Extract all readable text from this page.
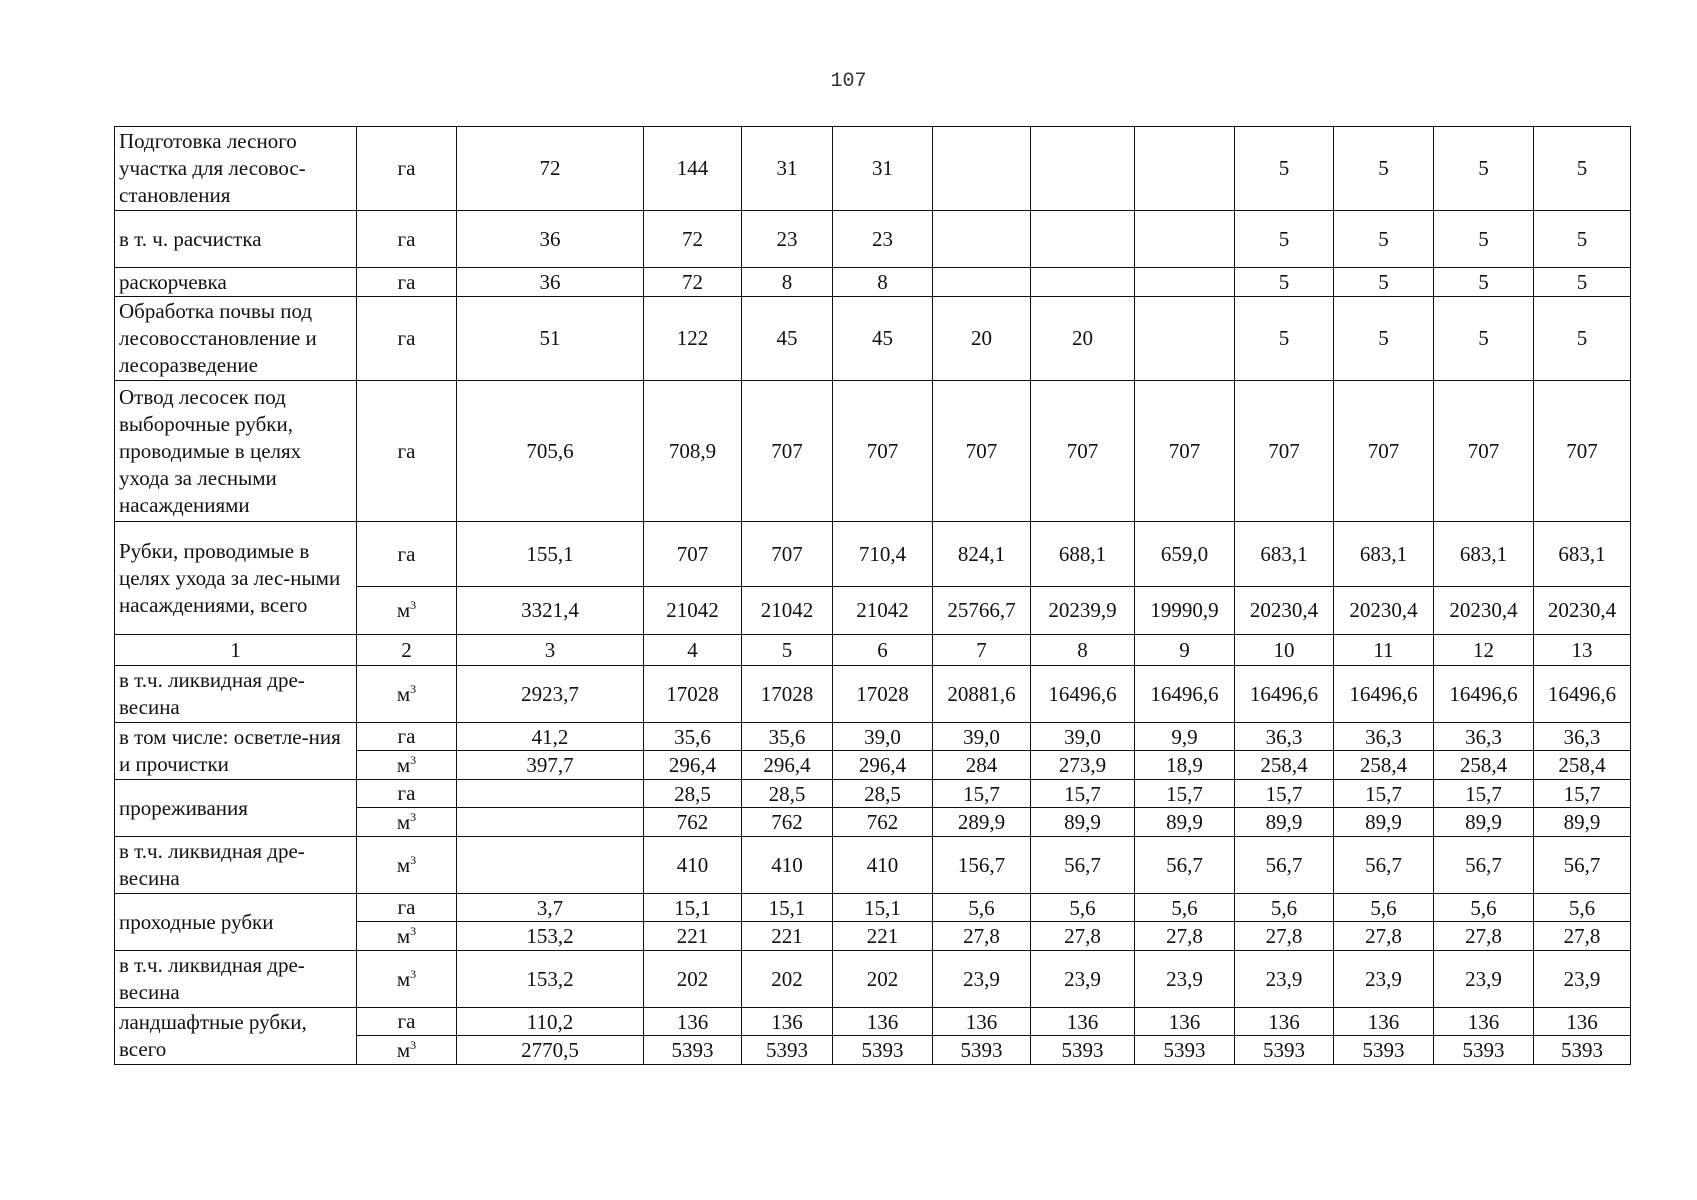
107
Подготовка лесного участка для лесовос-становления	га	72	144	31	31				5	5	5	5
в т. ч. расчистка	га	36	72	23	23				5	5	5	5
раскорчевка	га	36	72	8	8				5	5	5	5
Обработка почвы под лесовосстановление и лесоразведение	га	51	122	45	45	20	20		5	5	5	5
Отвод лесосек под выборочные рубки, проводимые в целях ухода за лесными насаждениями	га	705,6	708,9	707	707	707	707	707	707	707	707	707
Рубки, проводимые в целях ухода за лес-ными насаждениями, всего	га	155,1	707	707	710,4	824,1	688,1	659,0	683,1	683,1	683,1	683,1
	$м^3$	3321,4	21042	21042	21042	25766,7	20239,9	19990,9	20230,4	20230,4	20230,4	20230,4
1	2	3	4	5	6	7	8	9	10	11	12	13
в т.ч. ликвидная дре-весина	$м^3$	2923,7	17028	17028	17028	20881,6	16496,6	16496,6	16496,6	16496,6	16496,6	16496,6
в том числе: осветле-ния и прочистки	га	41,2	35,6	35,6	39,0	39,0	39,0	9,9	36,3	36,3	36,3	36,3
	$м^3$	397,7	296,4	296,4	296,4	284	273,9	18,9	258,4	258,4	258,4	258,4
прореживания	га		28,5	28,5	28,5	15,7	15,7	15,7	15,7	15,7	15,7	15,7
	$м^3$		762	762	762	289,9	89,9	89,9	89,9	89,9	89,9	89,9
в т.ч. ликвидная дре-весина	$м^3$		410	410	410	156,7	56,7	56,7	56,7	56,7	56,7	56,7
проходные рубки	га	3,7	15,1	15,1	15,1	5,6	5,6	5,6	5,6	5,6	5,6	5,6
	$м^3$	153,2	221	221	221	27,8	27,8	27,8	27,8	27,8	27,8	27,8
в т.ч. ликвидная дре-весина	$м^3$	153,2	202	202	202	23,9	23,9	23,9	23,9	23,9	23,9	23,9
ландшафтные рубки, всего	га	110,2	136	136	136	136	136	136	136	136	136	136
	$м^3$	2770,5	5393	5393	5393	5393	5393	5393	5393	5393	5393	5393
